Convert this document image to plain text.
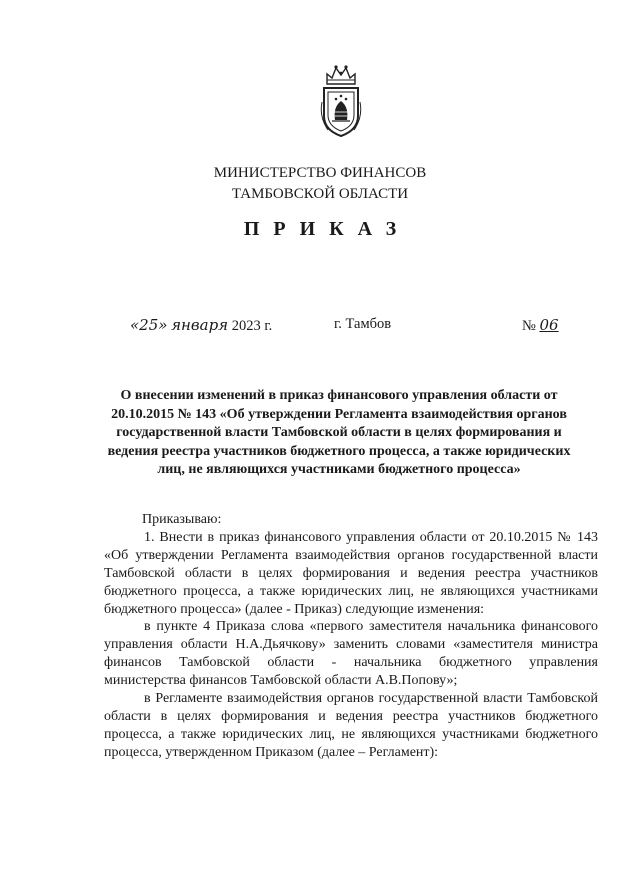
МИНИСТЕРСТВО ФИНАНСОВ
ТАМБОВСКОЙ ОБЛАСТИ
ПРИКАЗ
«25» января 2023 г.	г. Тамбов	№ 06
О внесении изменений в приказ финансового управления области от 20.10.2015 № 143 «Об утверждении Регламента взаимодействия органов государственной власти Тамбовской области в целях формирования и ведения реестра участников бюджетного процесса, а также юридических лиц, не являющихся участниками бюджетного процесса»

Приказываю:

1. Внести в приказ финансового управления области от 20.10.2015 № 143 «Об утверждении Регламента взаимодействия органов государственной власти Тамбовской области в целях формирования и ведения реестра участников бюджетного процесса, а также юридических лиц, не являющихся участниками бюджетного процесса» (далее - Приказ) следующие изменения:

в пункте 4 Приказа слова «первого заместителя начальника финансового управления области Н.А.Дьячкову» заменить словами «заместителя министра финансов Тамбовской области - начальника бюджетного управления министерства финансов Тамбовской области А.В.Попову»;

в Регламенте взаимодействия органов государственной власти Тамбовской области в целях формирования и ведения реестра участников бюджетного процесса, а также юридических лиц, не являющихся участниками бюджетного процесса, утвержденном Приказом (далее – Регламент):
